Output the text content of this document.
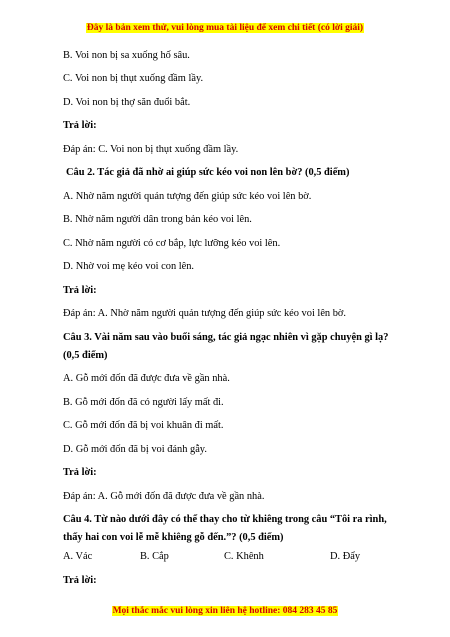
Đây là bản xem thử, vui lòng mua tài liệu để xem chi tiết (có lời giải)
B. Voi non bị sa xuống hố sâu.
C. Voi non bị thụt xuống đầm lầy.
D. Voi non bị thợ săn đuổi bắt.
Trả lời:
Đáp án: C. Voi non bị thụt xuống đầm lầy.
Câu 2. Tác giả đã nhờ ai giúp sức kéo voi non lên bờ? (0,5 điểm)
A. Nhờ năm người quản tượng đến giúp sức kéo voi lên bờ.
B. Nhờ năm người dân trong bản kéo voi lên.
C. Nhờ năm người có cơ bắp, lực lưỡng kéo voi lên.
D. Nhờ voi mẹ kéo voi con lên.
Trả lời:
Đáp án: A. Nhờ năm người quản tượng đến giúp sức kéo voi lên bờ.
Câu 3. Vài năm sau vào buổi sáng, tác giả ngạc nhiên vì gặp chuyện gì lạ?
(0,5 điểm)
A. Gỗ mới đốn đã được đưa về gần nhà.
B. Gỗ mới đốn đã có người lấy mất đi.
C. Gỗ mới đốn đã bị voi khuân đi mất.
D. Gỗ mới đốn đã bị voi đánh gẫy.
Trả lời:
Đáp án: A. Gỗ mới đốn đã được đưa về gần nhà.
Câu 4. Từ nào dưới đây có thể thay cho từ khiêng trong câu “Tôi ra rình,
thấy hai con voi lễ mễ khiêng gỗ đến.”? (0,5 điểm)
A. Vác	B. Cắp	C. Khênh	D. Đẩy
Trả lời:
Mọi thắc mắc vui lòng xin liên hệ hotline: 084 283 45 85
